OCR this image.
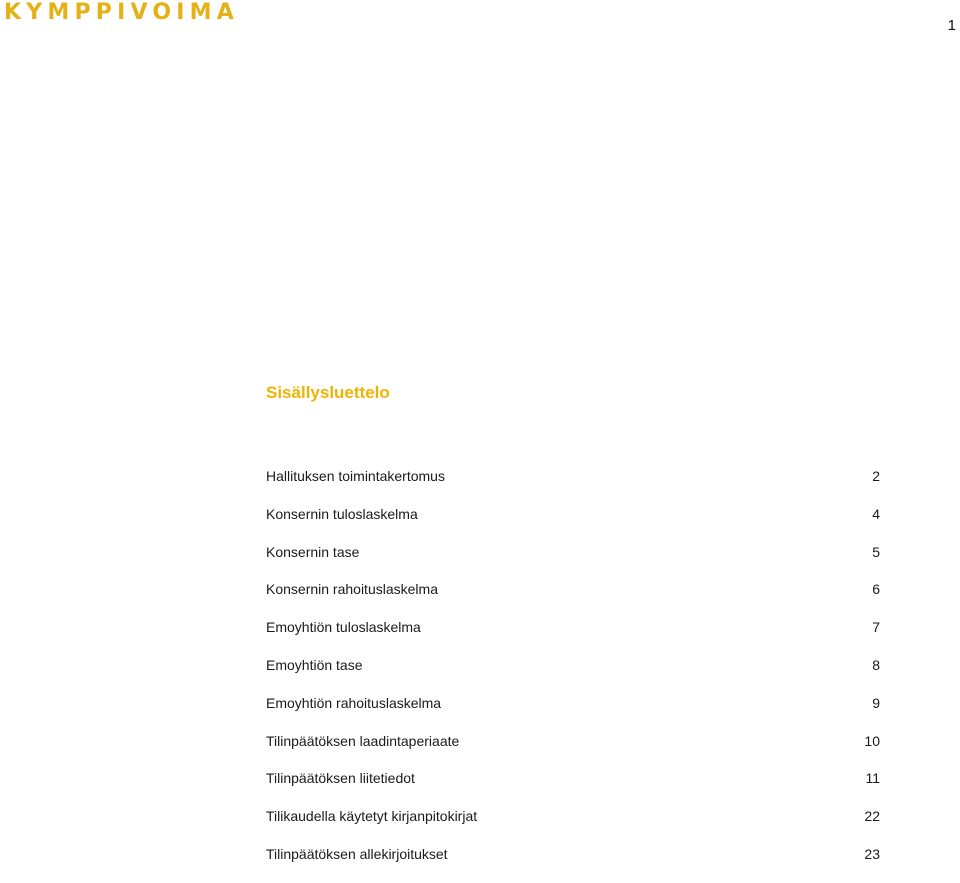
KYMPPIVOIMA
1
Sisällysluettelo
Hallituksen toimintakertomus	2
Konsernin tuloslaskelma	4
Konsernin tase	5
Konsernin rahoituslaskelma	6
Emoyhtiön tuloslaskelma	7
Emoyhtiön tase	8
Emoyhtiön rahoituslaskelma	9
Tilinpäätöksen laadintaperiaate	10
Tilinpäätöksen liitetiedot	11
Tilikaudella käytetyt kirjanpitokirjat	22
Tilinpäätöksen allekirjoitukset	23
